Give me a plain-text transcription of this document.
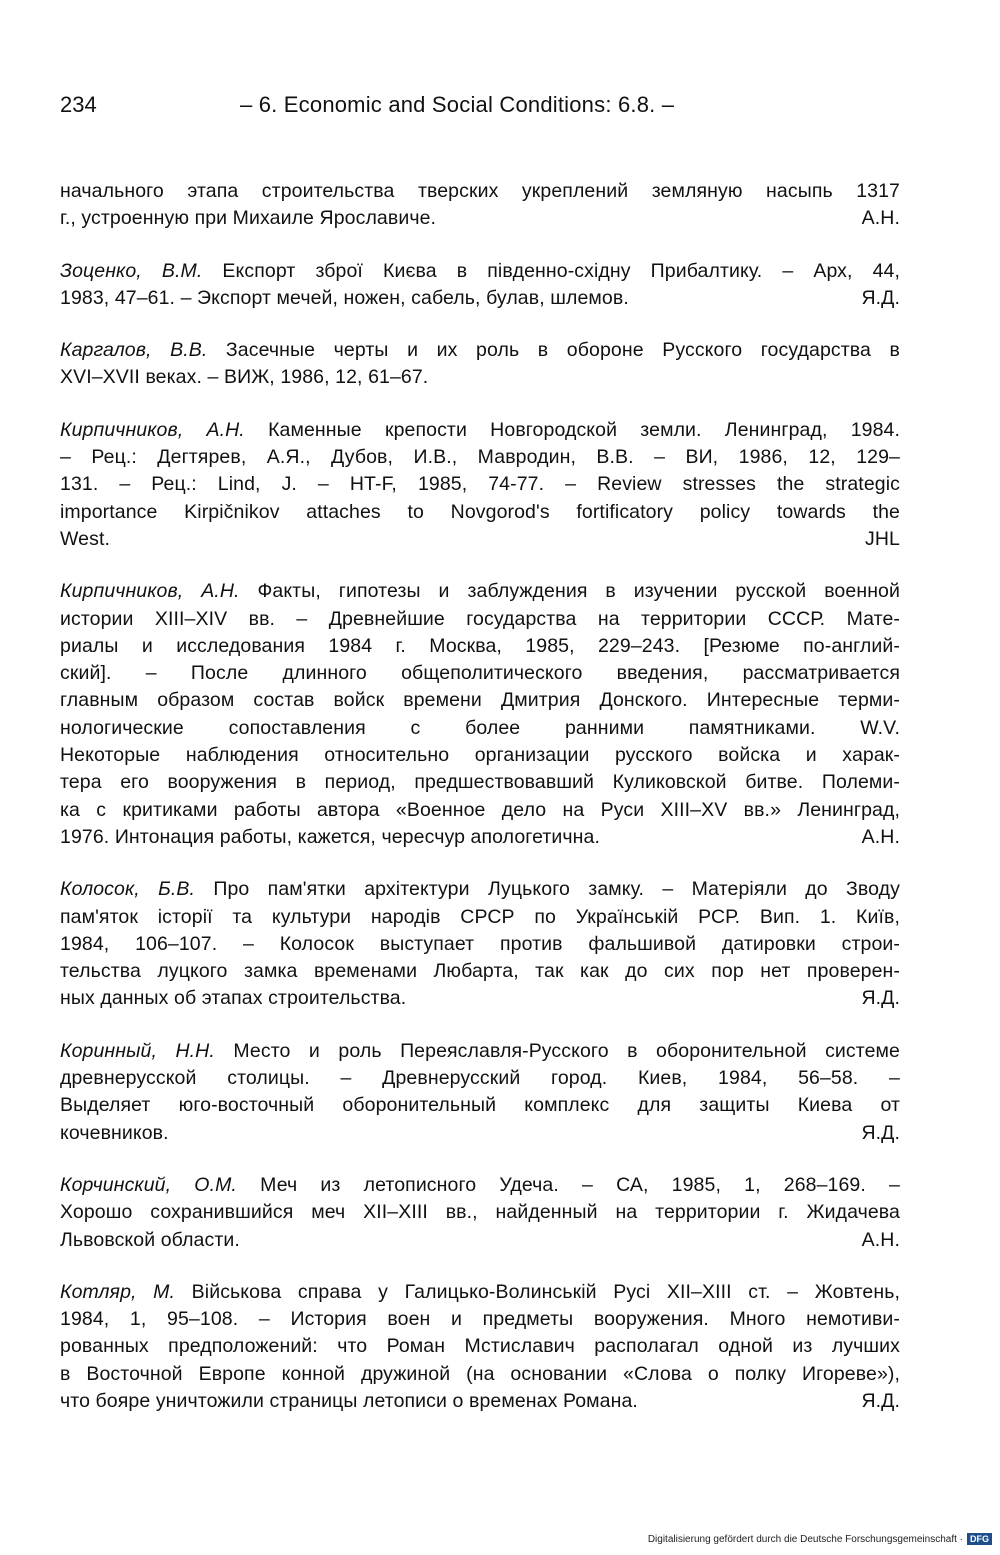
234	– 6. Economic and Social Conditions: 6.8. –
начального этапа строительства тверских укреплений земляную насыпь 1317
г., устроенную при Михаиле Ярославиче.	А.Н.
Зоценко, В.М. Експорт зброї Києва в південно-східну Прибалтику. – Арх, 44,
1983, 47–61. – Экспорт мечей, ножен, сабель, булав, шлемов.	Я.Д.
Каргалов, В.В. Засечные черты и их роль в обороне Русского государства в
XVI–XVII веках. – ВИЖ, 1986, 12, 61–67.
Кирпичников, А.Н. Каменные крепости Новгородской земли. Ленинград, 1984.
– Рец.: Дегтярев, А.Я., Дубов, И.В., Мавродин, В.В. – ВИ, 1986, 12, 129–
131. – Рец.: Lind, J. – HT-F, 1985, 74-77. – Review stresses the strategic
importance Kirpičnikov attaches to Novgorod's fortificatory policy towards the
West.	JHL
Кирпичников, А.Н. Факты, гипотезы и заблуждения в изучении русской военной
истории XIII–XIV вв. – Древнейшие государства на территории СССР. Мате-
риалы и исследования 1984 г. Москва, 1985, 229–243. [Резюме по-англий-
ский]. – После длинного общеполитического введения, рассматривается
главным образом состав войск времени Дмитрия Донского. Интересные терми-
нологические сопоставления с более ранними памятниками. W.V.
Некоторые наблюдения относительно организации русского войска и харак-
тера его вооружения в период, предшествовавший Куликовской битве. Полеми-
ка с критиками работы автора «Военное дело на Руси XIII–XV вв.» Ленинград,
1976. Интонация работы, кажется, чересчур апологетична.	А.Н.
Колосок, Б.В. Про пам'ятки архітектури Луцького замку. – Матеріяли до Зводу
пам'яток історії та культури народів СРСР по Українській РСР. Вип. 1. Київ,
1984, 106–107. – Колосок выступает против фальшивой датировки строи-
тельства луцкого замка временами Любарта, так как до сих пор нет проверен-
ных данных об этапах строительства.	Я.Д.
Коринный, Н.Н. Место и роль Переяславля-Русского в оборонительной системе
древнерусской столицы. – Древнерусский город. Киев, 1984, 56–58. –
Выделяет юго-восточный оборонительный комплекс для защиты Киева от
кочевников.	Я.Д.
Корчинский, О.М. Меч из летописного Удеча. – СА, 1985, 1, 268–169. –
Хорошо сохранившийся меч XII–XIII вв., найденный на территории г. Жидачева
Львовской области.	А.Н.
Котляр, М. Військова справа у Галицько-Волинській Русі XII–XIII ст. – Жовтень,
1984, 1, 95–108. – История воен и предметы вооружения. Много немотиви-
рованных предположений: что Роман Мстиславич располагал одной из лучших
в Восточной Европе конной дружиной (на основании «Слова о полку Игореве»),
что бояре уничтожили страницы летописи о временах Романа.	Я.Д.
Digitalisierung gefördert durch die Deutsche Forschungsgemeinschaft · DFG
